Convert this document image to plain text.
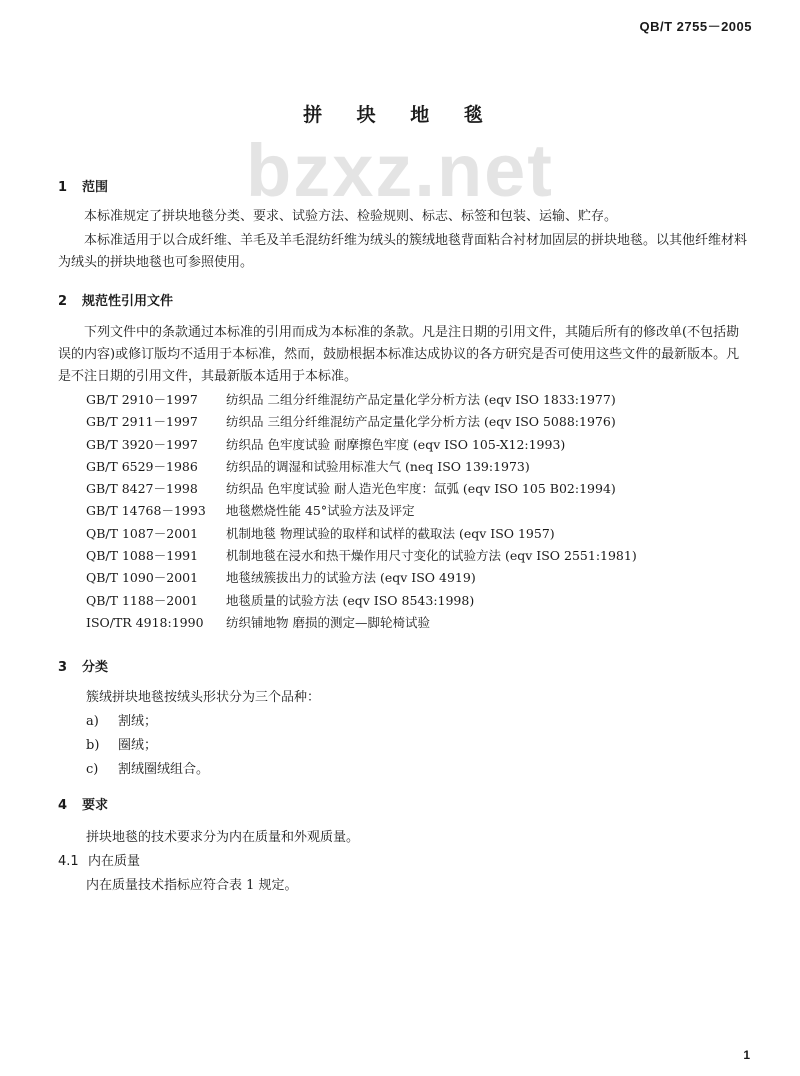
QB/T 2755－2005
拼 块 地 毯
bzxz.net
1 范围

本标准规定了拼块地毯分类、要求、试验方法、检验规则、标志、标签和包装、运输、贮存。

本标准适用于以合成纤维、羊毛及羊毛混纺纤维为绒头的簇绒地毯背面粘合衬材加固层的拼块地毯。以其他纤维材料为绒头的拼块地毯也可参照使用。

2 规范性引用文件

下列文件中的条款通过本标准的引用而成为本标准的条款。凡是注日期的引用文件，其随后所有的修改单(不包括勘误的内容)或修订版均不适用于本标准，然而，鼓励根据本标准达成协议的各方研究是否可使用这些文件的最新版本。凡是不注日期的引用文件，其最新版本适用于本标准。

GB/T 2910－1997 纺织品 二组分纤维混纺产品定量化学分析方法 (eqv ISO 1833:1977)
GB/T 2911－1997 纺织品 三组分纤维混纺产品定量化学分析方法 (eqv ISO 5088:1976)
GB/T 3920－1997 纺织品 色牢度试验 耐摩擦色牢度 (eqv ISO 105-X12:1993)
GB/T 6529－1986 纺织品的调湿和试验用标准大气 (neq ISO 139:1973)
GB/T 8427－1998 纺织品 色牢度试验 耐人造光色牢度：氙弧 (eqv ISO 105 B02:1994)
GB/T 14768－1993 地毯燃烧性能 45°试验方法及评定
QB/T 1087－2001 机制地毯 物理试验的取样和试样的截取法 (eqv ISO 1957)
QB/T 1088－1991 机制地毯在浸水和热干燥作用尺寸变化的试验方法 (eqv ISO 2551:1981)
QB/T 1090－2001 地毯绒簇拔出力的试验方法 (eqv ISO 4919)
QB/T 1188－2001 地毯质量的试验方法 (eqv ISO 8543:1998)
ISO/TR 4918:1990 纺织铺地物 磨损的测定—脚轮椅试验
3 分类
簇绒拼块地毯按绒头形状分为三个品种：
a) 割绒；
b) 圈绒；
c) 割绒圈绒组合。
4 要求
拼块地毯的技术要求分为内在质量和外观质量。
4.1 内在质量
内在质量技术指标应符合表 1 规定。
1
